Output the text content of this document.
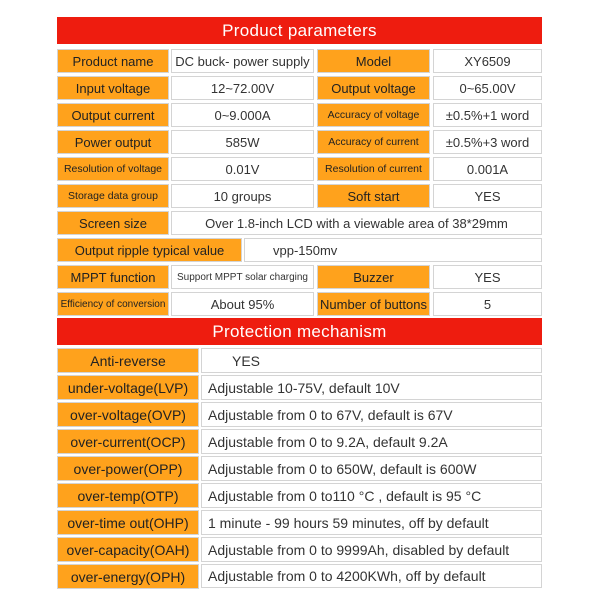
Product parameters
Product name	DC buck- power supply	Model	XY6509
Input voltage	12~72.00V	Output voltage	0~65.00V
Output current	0~9.000A	Accuracy of voltage	±0.5%+1 word
Power output	585W	Accuracy of current	±0.5%+3 word
Resolution of voltage	0.01V	Resolution of current	0.001A
Storage data group	10 groups	Soft start	YES
Screen size	Over 1.8-inch LCD with a viewable area of 38*29mm
Output ripple typical value	vpp-150mv
MPPT function	Support MPPT solar charging	Buzzer	YES
Efficiency of conversion	About 95%	Number of buttons	5
Protection mechanism
Anti-reverse	YES
under-voltage(LVP)	Adjustable 10-75V, default 10V
over-voltage(OVP)	Adjustable from 0 to 67V, default is 67V
over-current(OCP)	Adjustable from 0 to 9.2A, default 9.2A
over-power(OPP)	Adjustable from 0 to 650W, default is 600W
over-temp(OTP)	Adjustable from 0 to110 °C , default is 95 °C
over-time out(OHP)	1 minute - 99 hours 59 minutes, off by default
over-capacity(OAH)	Adjustable from 0 to 9999Ah, disabled by default
over-energy(OPH)	Adjustable from 0 to 4200KWh, off by default
